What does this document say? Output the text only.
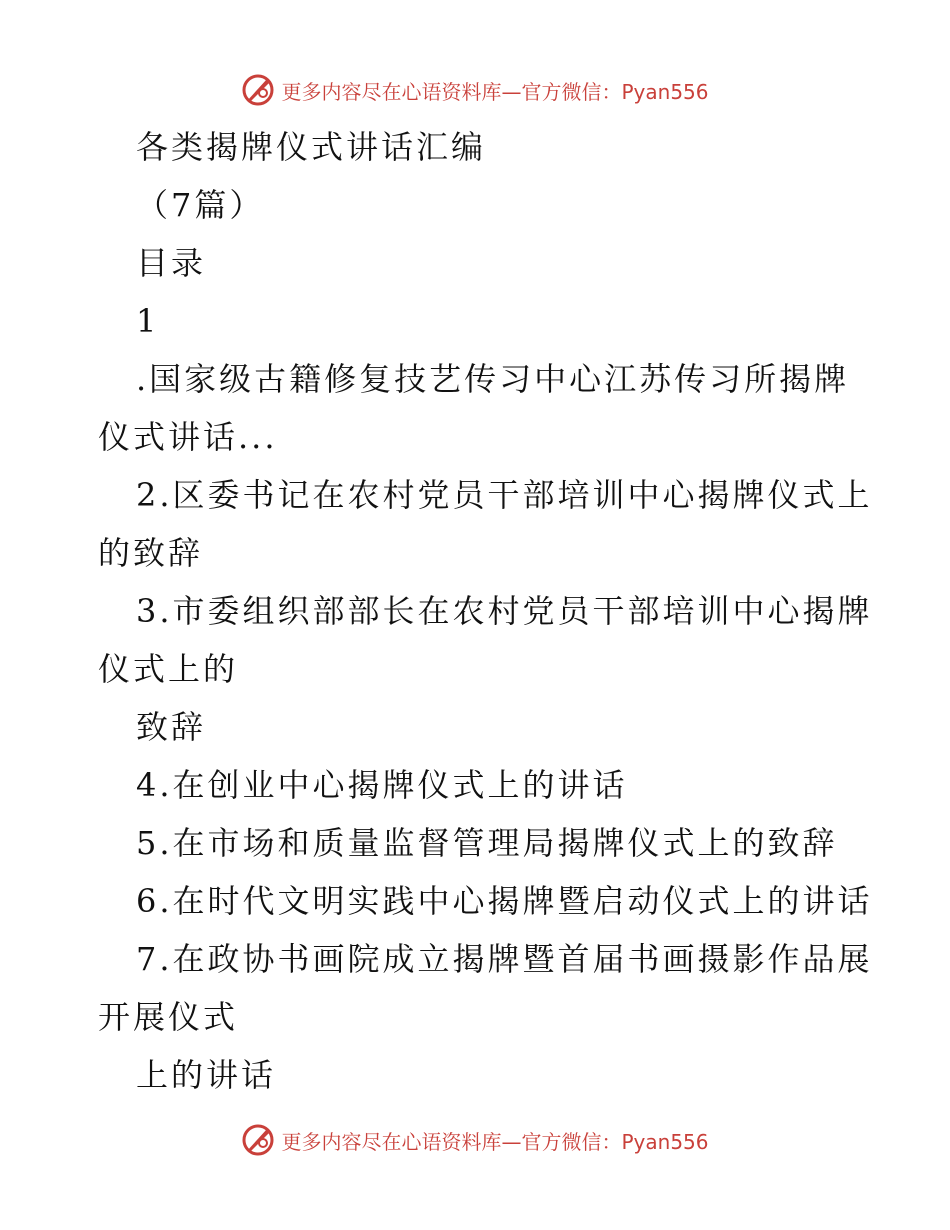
更多内容尽在心语资料库—官方微信：Pyan556
各类揭牌仪式讲话汇编
（7篇）
目录
1
.国家级古籍修复技艺传习中心江苏传习所揭牌
仪式讲话...
2.区委书记在农村党员干部培训中心揭牌仪式上
的致辞
3.市委组织部部长在农村党员干部培训中心揭牌
仪式上的
致辞
4.在创业中心揭牌仪式上的讲话
5.在市场和质量监督管理局揭牌仪式上的致辞
6.在时代文明实践中心揭牌暨启动仪式上的讲话
7.在政协书画院成立揭牌暨首届书画摄影作品展
开展仪式
上的讲话
更多内容尽在心语资料库—官方微信：Pyan556
